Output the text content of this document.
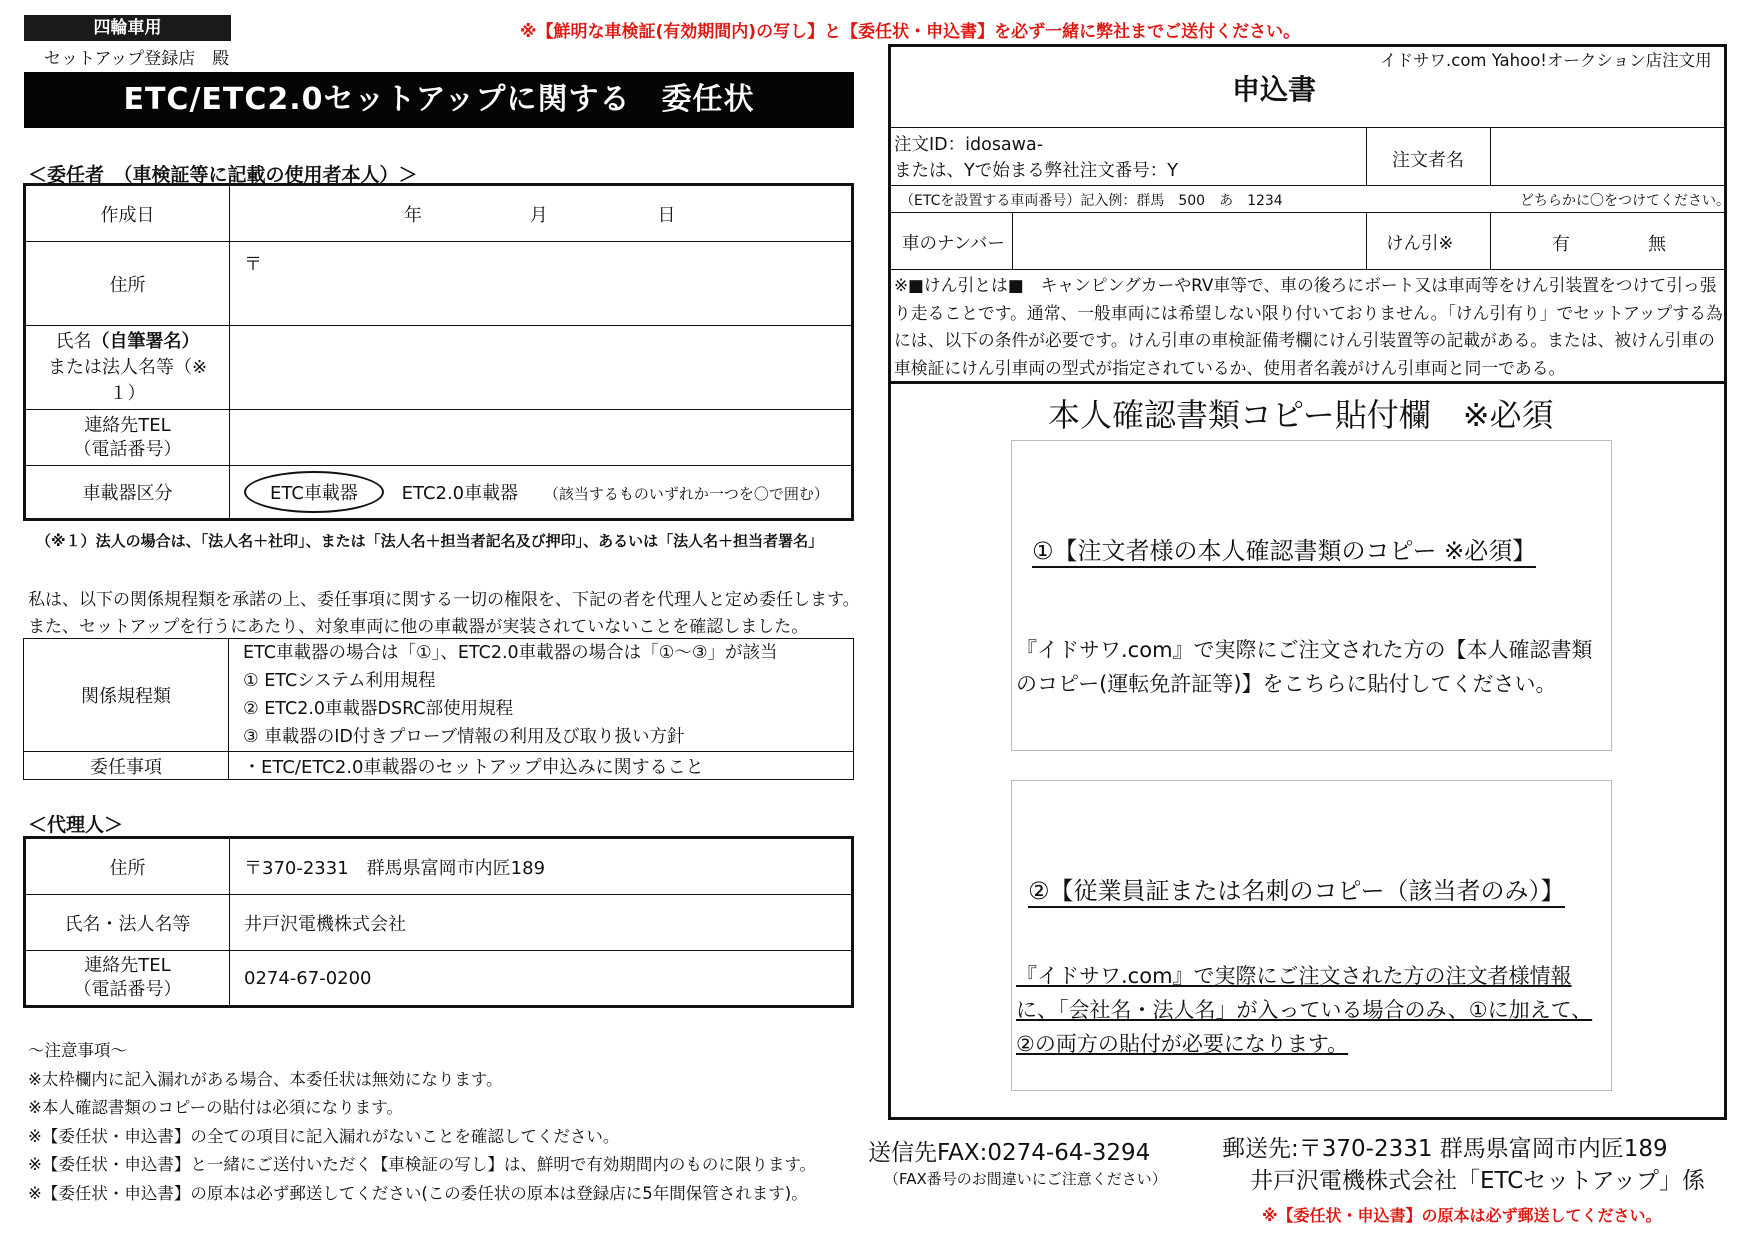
四輪車用	※【鮮明な車検証(有効期間内)の写し】と【委任状・申込書】を必ず一緒に弊社までご送付ください。
セットアップ登録店　殿
ETC/ETC2.0セットアップに関する　委任状
＜委任者　（車検証等に記載の使用者本人）＞
作成日	年 月 日
住所	〒
氏名（自筆署名）
または法人名等（※１）	
連絡先TEL
（電話番号）	
車載器区分	ETC車載器 ETC2.0車載器 （該当するものいずれか一つを〇で囲む）
（※１）法人の場合は、「法人名＋社印」、または「法人名＋担当者記名及び押印」、あるいは「法人名＋担当者署名」
私は、以下の関係規程類を承諾の上、委任事項に関する一切の権限を、下記の者を代理人と定め委任します。
また、セットアップを行うにあたり、対象車両に他の車載器が実装されていないことを確認しました。
関係規程類	ETC車載器の場合は「①」、ETC2.0車載器の場合は「①～③」が該当
① ETCシステム利用規程
② ETC2.0車載器DSRC部使用規程
③ 車載器のID付きプローブ情報の利用及び取り扱い方針

委任事項	・ETC/ETC2.0車載器のセットアップ申込みに関すること
＜代理人＞
住所	〒370-2331　群馬県富岡市内匠189
氏名・法人名等	井戸沢電機株式会社
連絡先TEL
（電話番号）	0274-67-0200
～注意事項～
※太枠欄内に記入漏れがある場合、本委任状は無効になります。
※本人確認書類のコピーの貼付は必須になります。
※【委任状・申込書】の全ての項目に記入漏れがないことを確認してください。
※【委任状・申込書】と一緒にご送付いただく【車検証の写し】は、鮮明で有効期間内のものに限ります。
※【委任状・申込書】の原本は必ず郵送してください(この委任状の原本は登録店に5年間保管されます)。
イドサワ.com Yahoo!オークション店注文用
申込書
注文ID：idosawa-
または、Yで始まる弊社注文番号：Y	注文者名
（ETCを設置する車両番号）記入例：群馬　500　あ　1234	どちらかに〇をつけてください。
車のナンバー	けん引※	有	無
※■けん引とは■　キャンピングカーやRV車等で、車の後ろにボート又は車両等をけん引装置をつけて引っ張り走ることです。通常、一般車両には希望しない限り付いておりません。「けん引有り」でセットアップする為には、以下の条件が必要です。けん引車の車検証備考欄にけん引装置等の記載がある。または、被けん引車の車検証にけん引車両の型式が指定されているか、使用者名義がけん引車両と同一である。
本人確認書類コピー貼付欄　※必須
①【注文者様の本人確認書類のコピー ※必須】
『イドサワ.com』で実際にご注文された方の【本人確認書類
のコピー(運転免許証等)】をこちらに貼付してください。
②【従業員証または名刺のコピー（該当者のみ）】
『イドサワ.com』で実際にご注文された方の注文者様情報
に、「会社名・法人名」が入っている場合のみ、①に加えて、
②の両方の貼付が必要になります。
送信先FAX:0274-64-3294
（FAX番号のお間違いにご注意ください）
郵送先:〒370-2331 群馬県富岡市内匠189
井戸沢電機株式会社「ETCセットアップ」係
※【委任状・申込書】の原本は必ず郵送してください。
